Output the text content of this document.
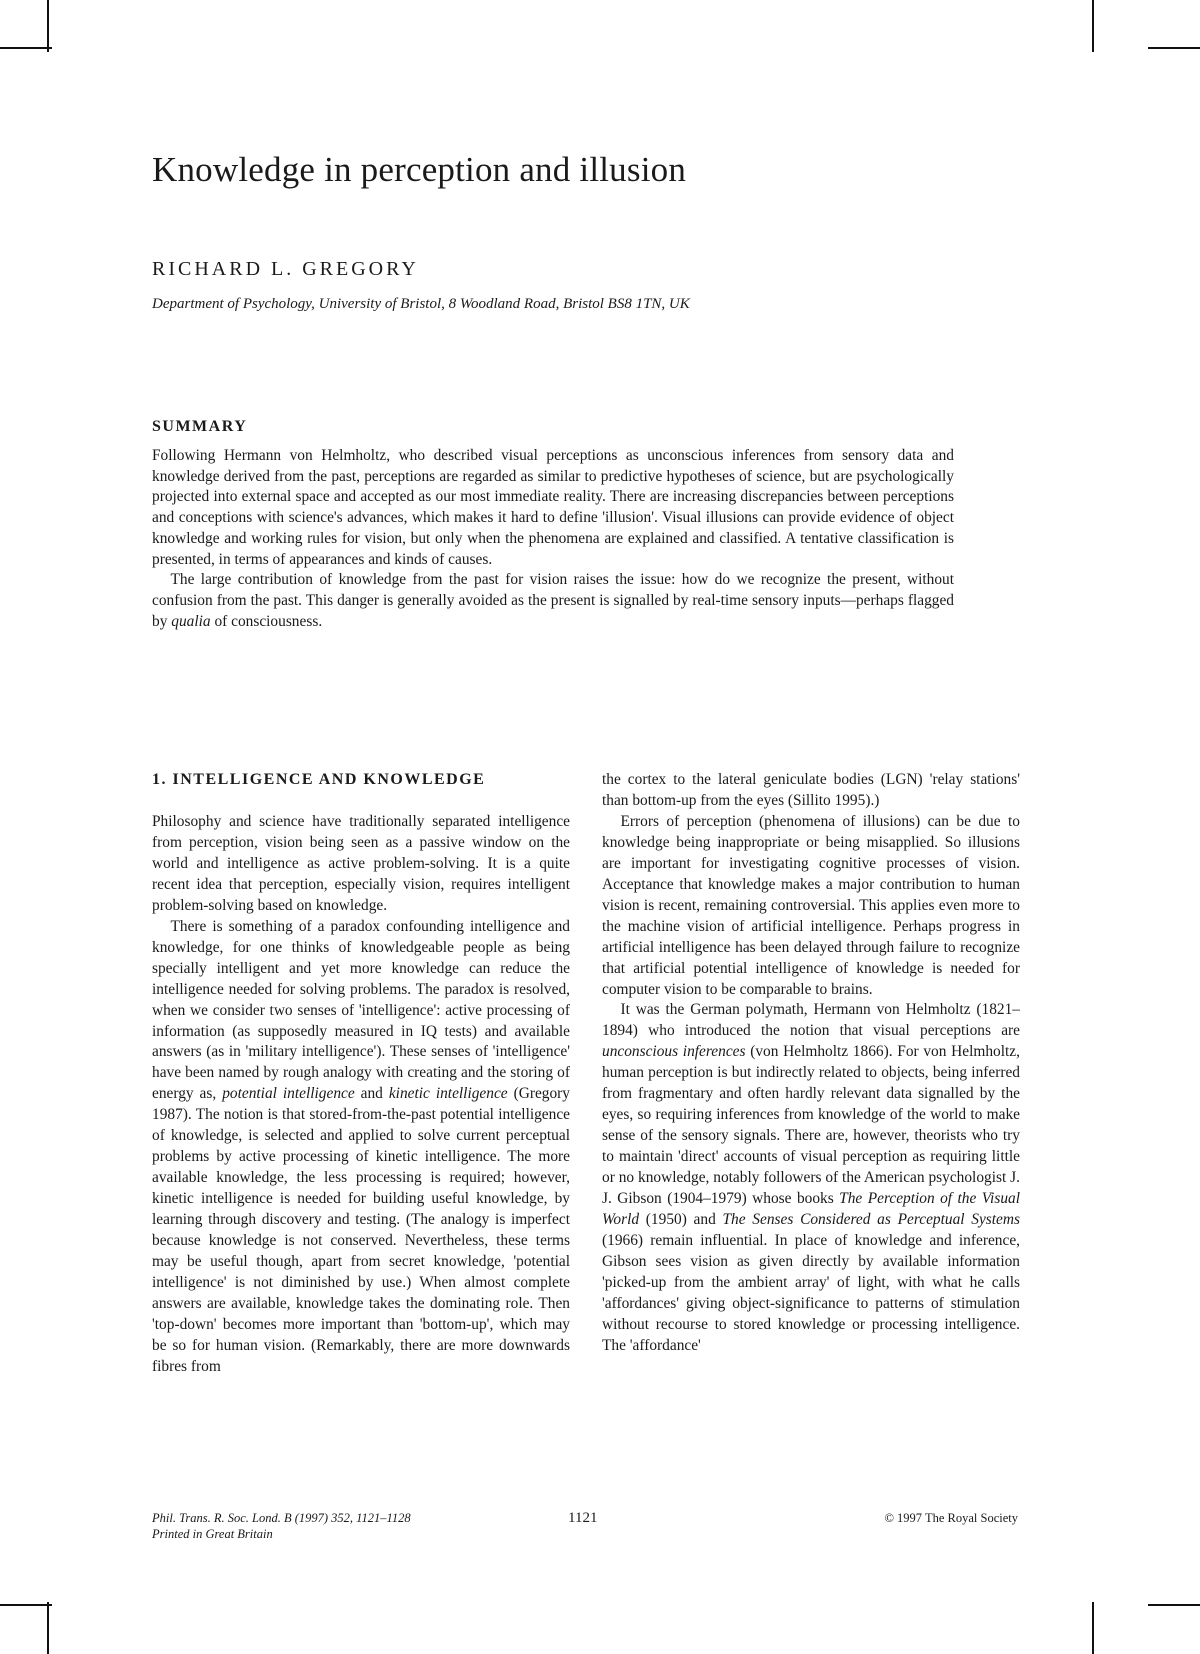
Knowledge in perception and illusion
RICHARD L. GREGORY
Department of Psychology, University of Bristol, 8 Woodland Road, Bristol BS8 1TN, UK
SUMMARY

Following Hermann von Helmholtz, who described visual perceptions as unconscious inferences from sensory data and knowledge derived from the past, perceptions are regarded as similar to predictive hypotheses of science, but are psychologically projected into external space and accepted as our most immediate reality. There are increasing discrepancies between perceptions and conceptions with science's advances, which makes it hard to define 'illusion'. Visual illusions can provide evidence of object knowledge and working rules for vision, but only when the phenomena are explained and classified. A tentative classification is presented, in terms of appearances and kinds of causes.

The large contribution of knowledge from the past for vision raises the issue: how do we recognize the present, without confusion from the past. This danger is generally avoided as the present is signalled by real-time sensory inputs—perhaps flagged by qualia of consciousness.

1. INTELLIGENCE AND KNOWLEDGE

Philosophy and science have traditionally separated intelligence from perception, vision being seen as a passive window on the world and intelligence as active problem-solving. It is a quite recent idea that perception, especially vision, requires intelligent problem-solving based on knowledge.

There is something of a paradox confounding intelligence and knowledge, for one thinks of knowledgeable people as being specially intelligent and yet more knowledge can reduce the intelligence needed for solving problems. The paradox is resolved, when we consider two senses of 'intelligence': active processing of information (as supposedly measured in IQ tests) and available answers (as in 'military intelligence'). These senses of 'intelligence' have been named by rough analogy with creating and the storing of energy as, potential intelligence and kinetic intelligence (Gregory 1987). The notion is that stored-from-the-past potential intelligence of knowledge, is selected and applied to solve current perceptual problems by active processing of kinetic intelligence. The more available knowledge, the less processing is required; however, kinetic intelligence is needed for building useful knowledge, by learning through discovery and testing. (The analogy is imperfect because knowledge is not conserved. Nevertheless, these terms may be useful though, apart from secret knowledge, 'potential intelligence' is not diminished by use.) When almost complete answers are available, knowledge takes the dominating role. Then 'top-down' becomes more important than 'bottom-up', which may be so for human vision. (Remarkably, there are more downwards fibres from

the cortex to the lateral geniculate bodies (LGN) 'relay stations' than bottom-up from the eyes (Sillito 1995).)

Errors of perception (phenomena of illusions) can be due to knowledge being inappropriate or being misapplied. So illusions are important for investigating cognitive processes of vision. Acceptance that knowledge makes a major contribution to human vision is recent, remaining controversial. This applies even more to the machine vision of artificial intelligence. Perhaps progress in artificial intelligence has been delayed through failure to recognize that artificial potential intelligence of knowledge is needed for computer vision to be comparable to brains.

It was the German polymath, Hermann von Helmholtz (1821–1894) who introduced the notion that visual perceptions are unconscious inferences (von Helmholtz 1866). For von Helmholtz, human perception is but indirectly related to objects, being inferred from fragmentary and often hardly relevant data signalled by the eyes, so requiring inferences from knowledge of the world to make sense of the sensory signals. There are, however, theorists who try to maintain 'direct' accounts of visual perception as requiring little or no knowledge, notably followers of the American psychologist J. J. Gibson (1904–1979) whose books The Perception of the Visual World (1950) and The Senses Considered as Perceptual Systems (1966) remain influential. In place of knowledge and inference, Gibson sees vision as given directly by available information 'picked-up from the ambient array' of light, with what he calls 'affordances' giving object-significance to patterns of stimulation without recourse to stored knowledge or processing intelligence. The 'affordance'

Phil. Trans. R. Soc. Lond. B (1997) 352, 1121–1128
Printed in Great Britain
1121	© 1997 The Royal Society
